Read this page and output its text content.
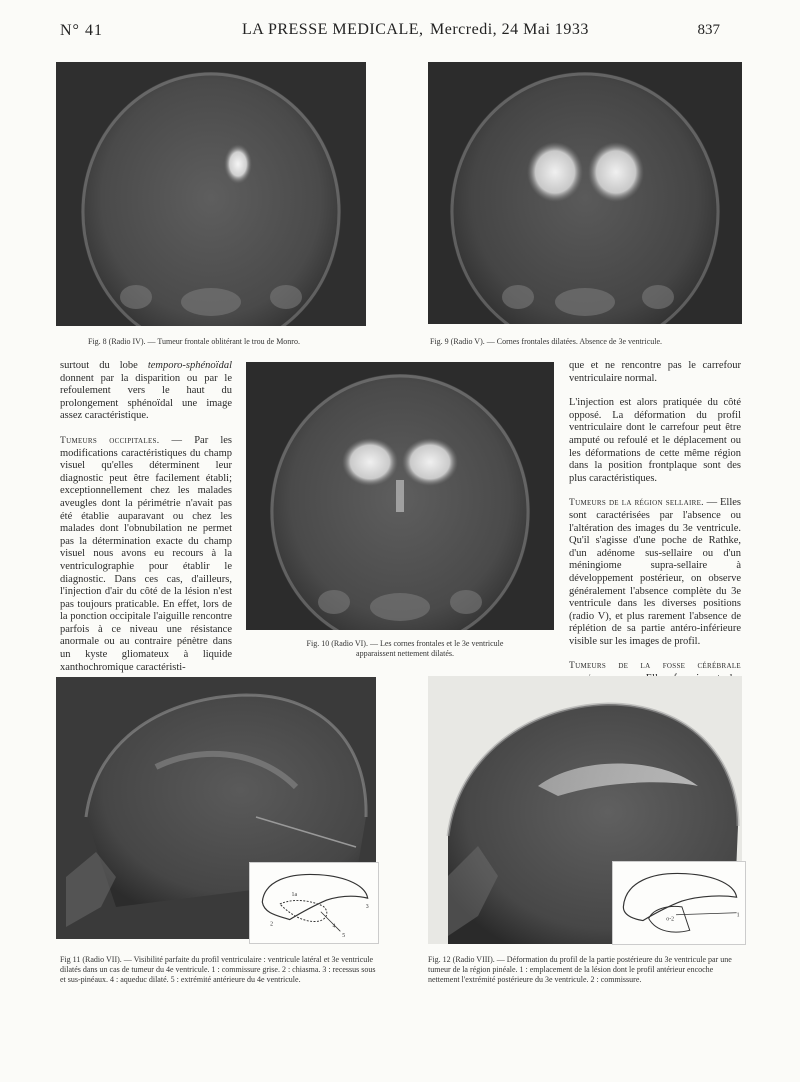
N° 41	LA PRESSE MEDICALE, Mercredi, 24 Mai 1933	837
Fig. 8 (Radio IV). — Tumeur frontale oblitérant le trou de Monro.	Fig. 9 (Radio V). — Cornes frontales dilatées. Absence de 3e ventricule.

surtout du lobe temporo-sphénoïdal donnent par la disparition ou par le refoulement vers le haut du prolongement sphénoïdal une image assez caractéristique.

Tumeurs occipitales. — Par les modifications caractéristiques du champ visuel qu'elles déterminent leur diagnostic peut être facilement établi; exceptionnellement chez les malades aveugles dont la périmétrie n'avait pas été établie auparavant ou chez les malades dont l'obnubilation ne permet pas la détermination exacte du champ visuel nous avons eu recours à la ventriculographie pour établir le diagnostic. Dans ces cas, d'ailleurs, l'injection d'air du côté de la lésion n'est pas toujours praticable. En effet, lors de la ponction occipitale l'aiguille rencontre parfois à ce niveau une résistance anormale ou au contraire pénètre dans un kyste gliomateux à liquide xanthochromique caractéristi-

Fig. 10 (Radio VI). — Les cornes frontales et le 3e ventricule
apparaissent nettement dilatés.

que et ne rencontre pas le carrefour ventriculaire normal.

L'injection est alors pratiquée du côté opposé. La déformation du profil ventriculaire dont le carrefour peut être amputé ou refoulé et le déplacement ou les déformations de cette même région dans la position frontplaque sont des plus caractéristiques.

Tumeurs de la région sellaire. — Elles sont caractérisées par l'absence ou l'altération des images du 3e ventricule. Qu'il s'agisse d'une poche de Rathke, d'un adénome sus-sellaire ou d'un méningiome supra-sellaire à développement postérieur, on observe généralement l'absence complète du 3e ventricule dans les diverses positions (radio V), et plus rarement l'absence de réplétion de sa partie antéro-inférieure visible sur les images de profil.

Tumeurs de la fosse cérébrale

1a
3
2	4
5
Fig 11 (Radio VII). — Visibilité parfaite du profil ventriculaire : ventricule latéral et 3e ventricule dilatés dans un cas de tumeur du 4e ventricule. 1 : commissure grise. 2 : chiasma. 3 : recessus sous et sus-pinéaux. 4 : aqueduc dilaté. 5 : extrémité antérieure du 4e ventricule.
o-2
1
Fig. 12 (Radio VIII). — Déformation du profil de la partie postérieure du 3e ventricule par une tumeur de la région pinéale. 1 : emplacement de la lésion dont le profil antérieur encoche nettement l'extrémité postérieure du 3e ventricule. 2 : commissure.
